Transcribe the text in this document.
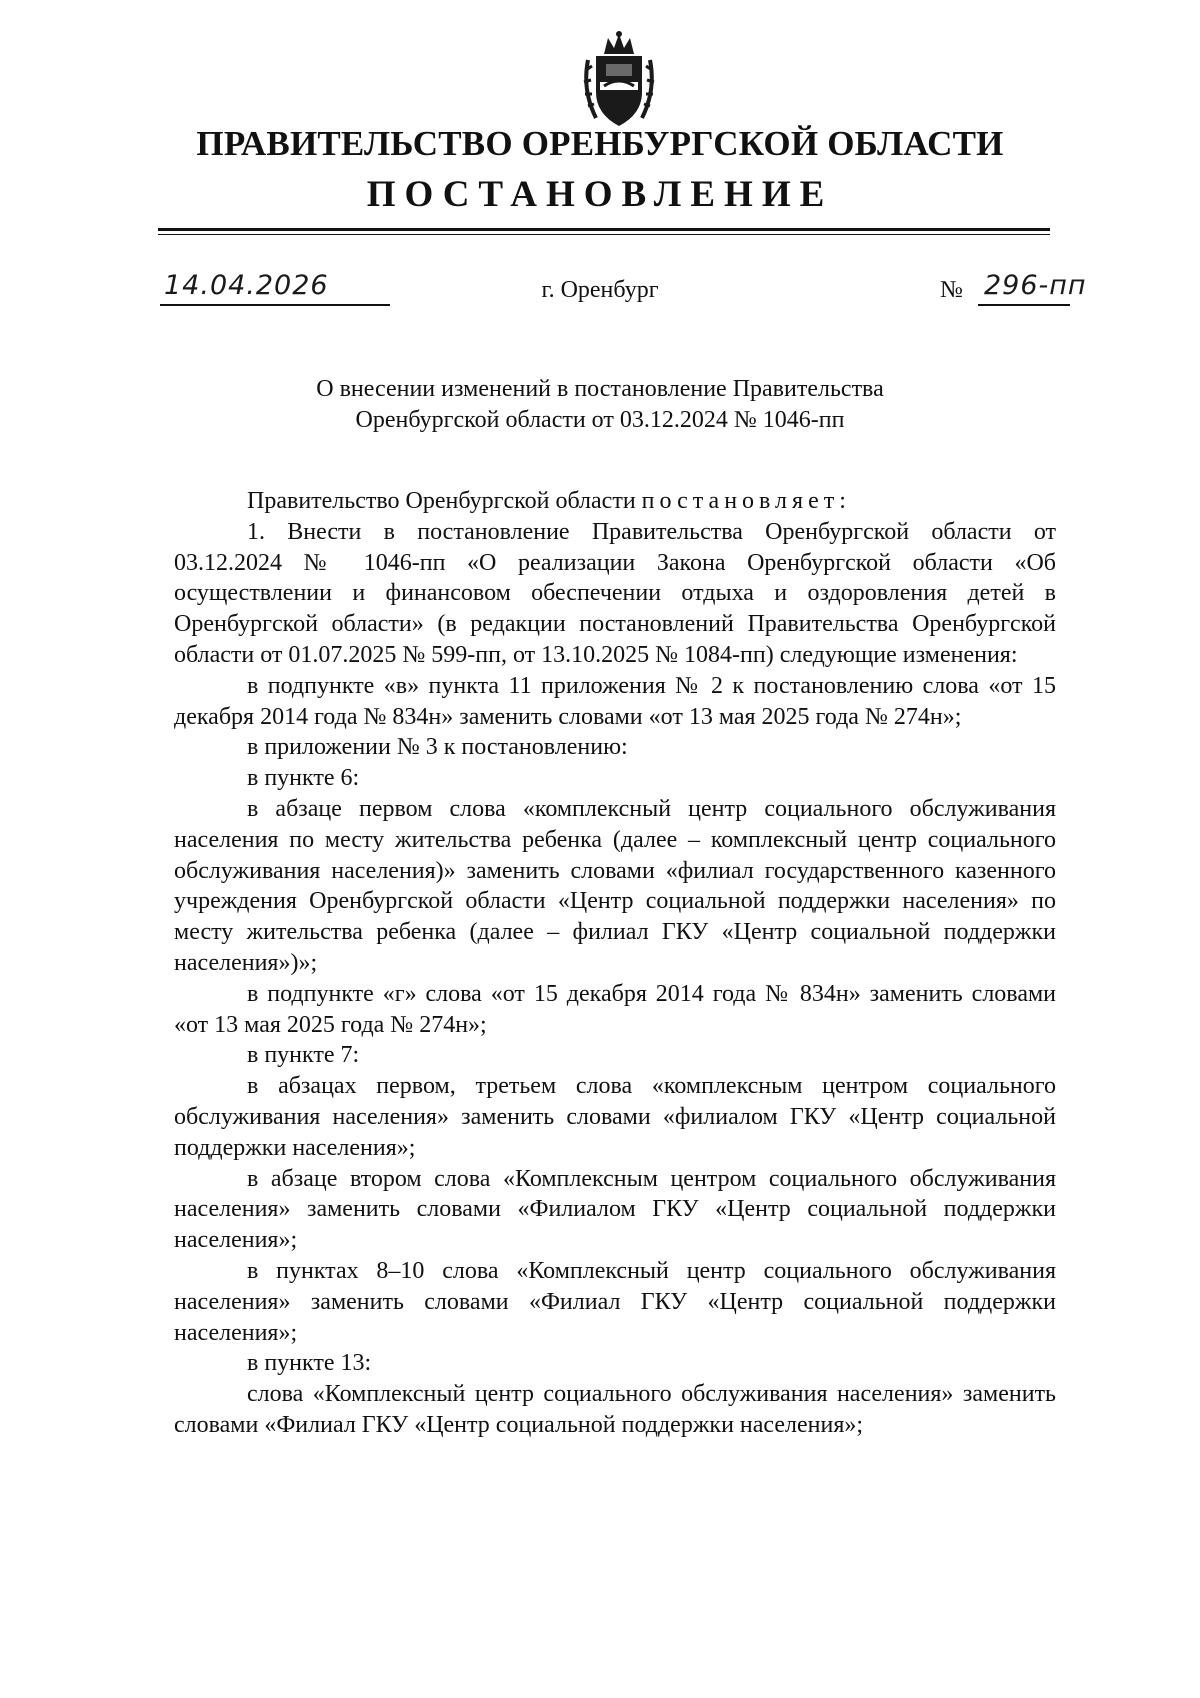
ПРАВИТЕЛЬСТВО ОРЕНБУРГСКОЙ ОБЛАСТИ
ПОСТАНОВЛЕНИЕ
14.04.2026	г. Оренбург	№ 296-пп
О внесении изменений в постановление Правительства
Оренбургской области от 03.12.2024 № 1046-пп

Правительство Оренбургской области постановляет:

1. Внести в постановление Правительства Оренбургской области от 03.12.2024 № 1046-пп «О реализации Закона Оренбургской области «Об осуществлении и финансовом обеспечении отдыха и оздоровления детей в Оренбургской области» (в редакции постановлений Правительства Оренбургской области от 01.07.2025 № 599-пп, от 13.10.2025 № 1084-пп) следующие изменения:

в подпункте «в» пункта 11 приложения № 2 к постановлению слова «от 15 декабря 2014 года № 834н» заменить словами «от 13 мая 2025 года № 274н»;

в приложении № 3 к постановлению:

в пункте 6:

в абзаце первом слова «комплексный центр социального обслуживания населения по месту жительства ребенка (далее – комплексный центр социального обслуживания населения)» заменить словами «филиал государственного казенного учреждения Оренбургской области «Центр социальной поддержки населения» по месту жительства ребенка (далее – филиал ГКУ «Центр социальной поддержки населения»)»;

в подпункте «г» слова «от 15 декабря 2014 года № 834н» заменить словами «от 13 мая 2025 года № 274н»;

в пункте 7:

в абзацах первом, третьем слова «комплексным центром социального обслуживания населения» заменить словами «филиалом ГКУ «Центр социальной поддержки населения»;

в абзаце втором слова «Комплексным центром социального обслуживания населения» заменить словами «Филиалом ГКУ «Центр социальной поддержки населения»;

в пунктах 8–10 слова «Комплексный центр социального обслуживания населения» заменить словами «Филиал ГКУ «Центр социальной поддержки населения»;

в пункте 13:

слова «Комплексный центр социального обслуживания населения» заменить словами «Филиал ГКУ «Центр социальной поддержки населения»;
